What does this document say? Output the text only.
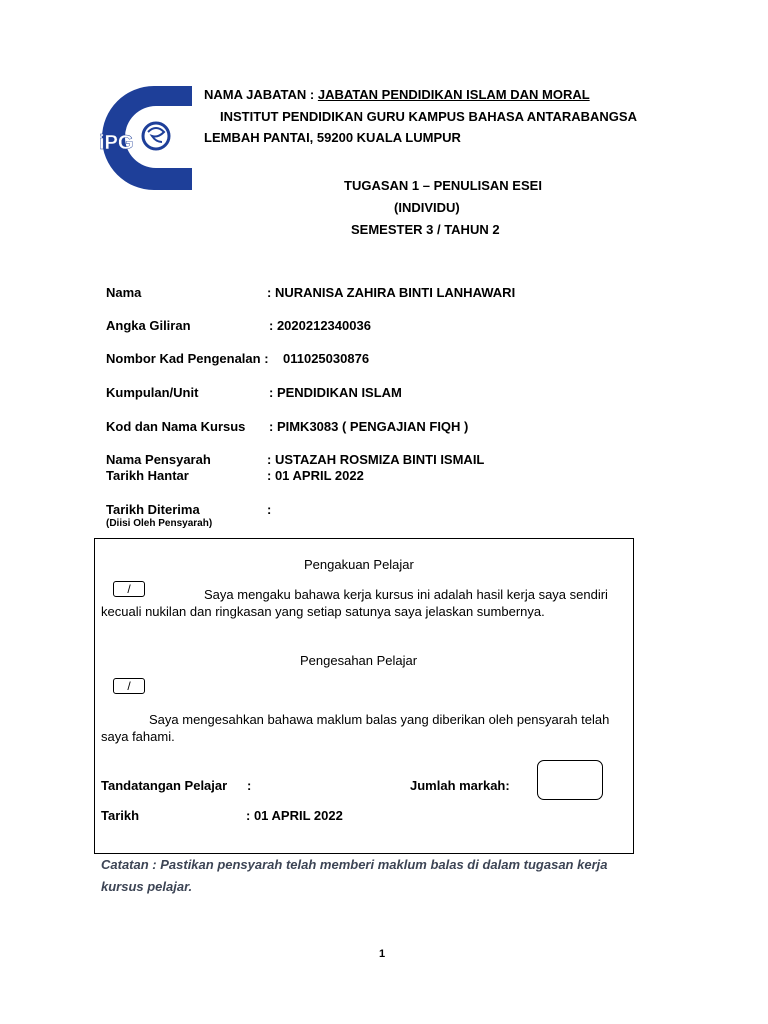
iPG
NAMA JABATAN : JABATAN PENDIDIKAN ISLAM DAN MORAL
INSTITUT PENDIDIKAN GURU KAMPUS BAHASA ANTARABANGSA
LEMBAH PANTAI, 59200 KUALA LUMPUR
TUGASAN 1 – PENULISAN ESEI
(INDIVIDU)
SEMESTER 3 / TAHUN 2
Nama	: NURANISA ZAHIRA BINTI LANHAWARI
Angka Giliran	: 2020212340036
Nombor Kad Pengenalan : 011025030876
Kumpulan/Unit	: PENDIDIKAN ISLAM
Kod dan Nama Kursus : PIMK3083 ( PENGAJIAN FIQH )
Nama Pensyarah	: USTAZAH ROSMIZA BINTI ISMAIL
Tarikh Hantar	: 01 APRIL 2022
Tarikh Diterima	:
(Diisi Oleh Pensyarah)
Pengakuan Pelajar
/	Saya mengaku bahawa kerja kursus ini adalah hasil kerja saya sendiri
kecuali nukilan dan ringkasan yang setiap satunya saya jelaskan sumbernya.
Pengesahan Pelajar
/
Saya mengesahkan bahawa maklum balas yang diberikan oleh pensyarah telah
saya fahami.
Tandatangan Pelajar :	Jumlah markah:
Tarikh	: 01 APRIL 2022
Catatan : Pastikan pensyarah telah memberi maklum balas di dalam tugasan kerja
kursus pelajar.
1
